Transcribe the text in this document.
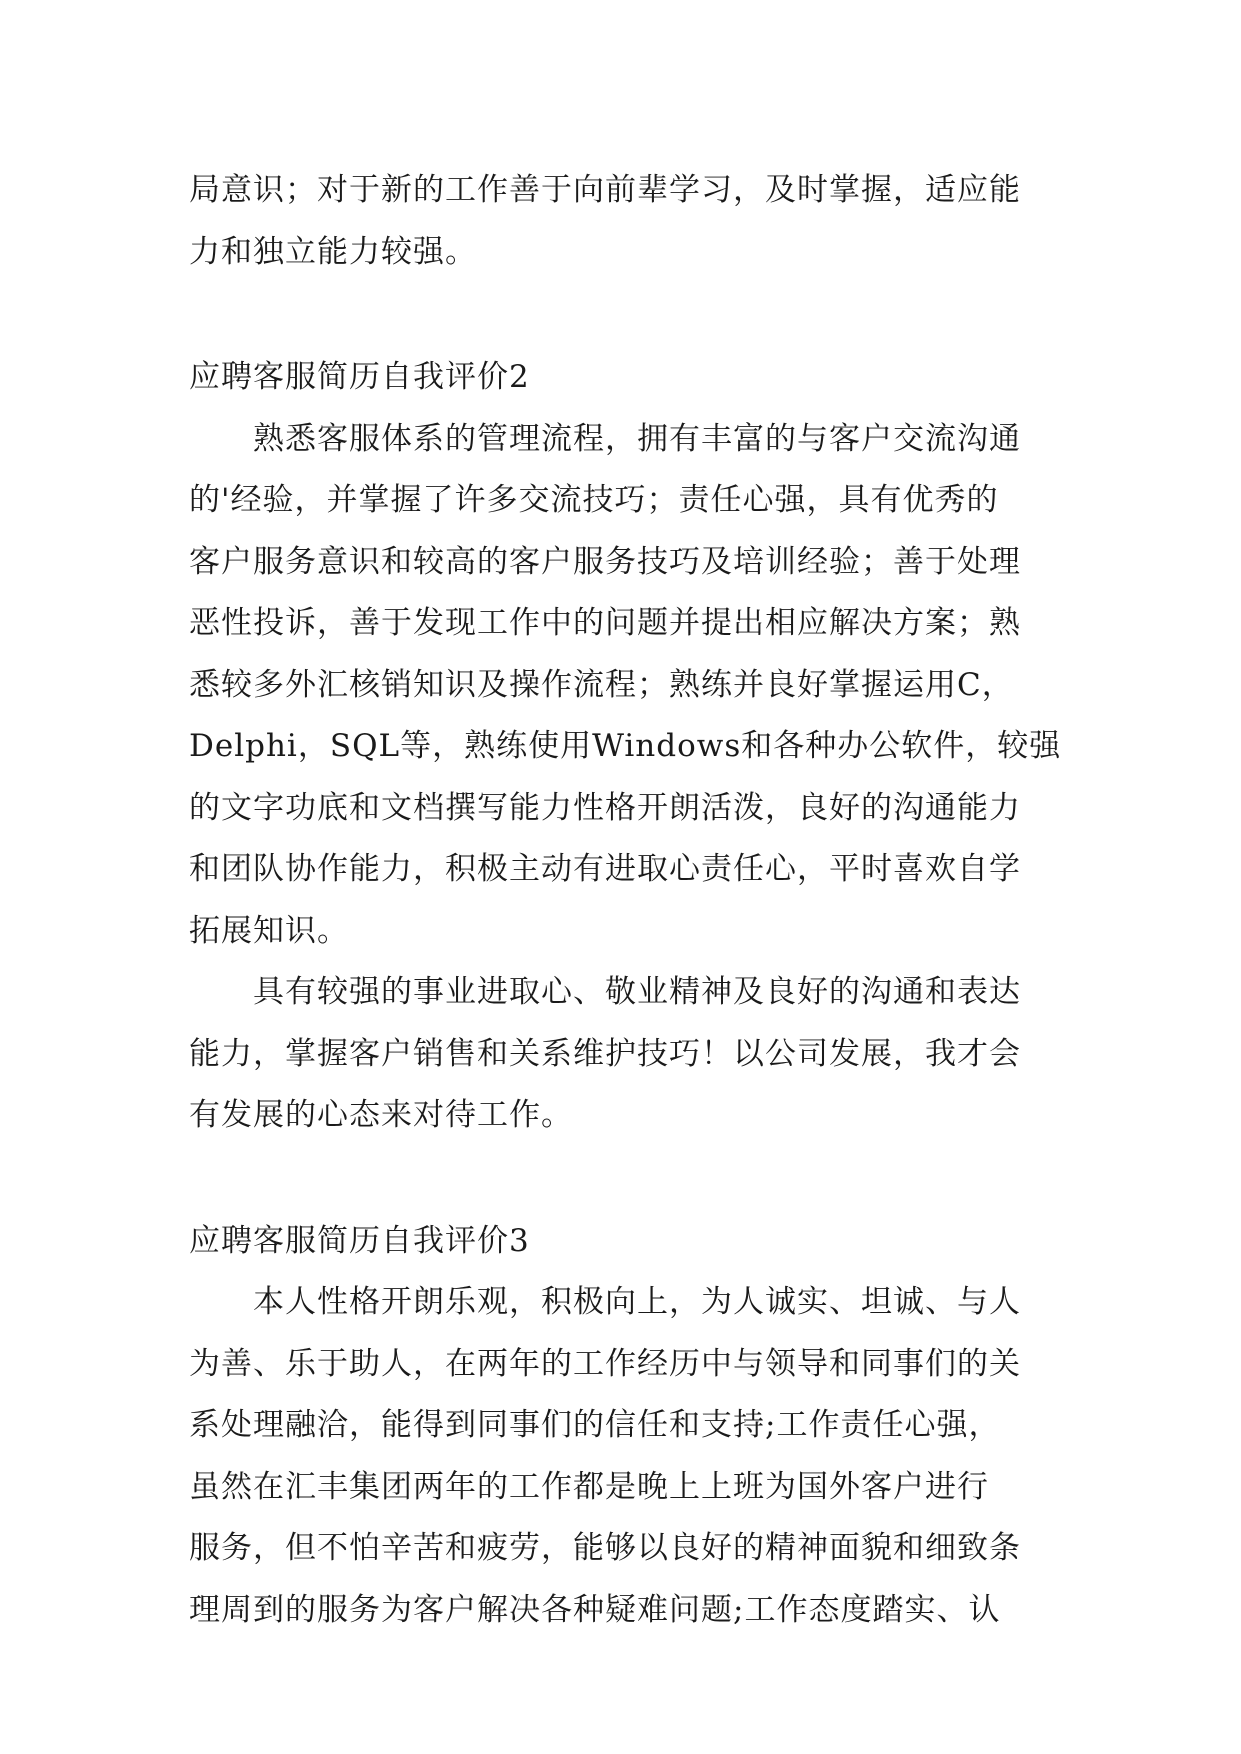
局意识；对于新的工作善于向前辈学习，及时掌握，适应能
力和独立能力较强。

应聘客服简历自我评价2

熟悉客服体系的管理流程，拥有丰富的与客户交流沟通
的'经验，并掌握了许多交流技巧；责任心强，具有优秀的
客户服务意识和较高的客户服务技巧及培训经验；善于处理
恶性投诉，善于发现工作中的问题并提出相应解决方案；熟
悉较多外汇核销知识及操作流程；熟练并良好掌握运用C，
Delphi，SQL等，熟练使用Windows和各种办公软件，较强
的文字功底和文档撰写能力性格开朗活泼，良好的沟通能力
和团队协作能力，积极主动有进取心责任心，平时喜欢自学
拓展知识。

具有较强的事业进取心、敬业精神及良好的沟通和表达
能力，掌握客户销售和关系维护技巧！以公司发展，我才会
有发展的心态来对待工作。

应聘客服简历自我评价3

本人性格开朗乐观，积极向上，为人诚实、坦诚、与人
为善、乐于助人，在两年的工作经历中与领导和同事们的关
系处理融洽，能得到同事们的信任和支持;工作责任心强，
虽然在汇丰集团两年的工作都是晚上上班为国外客户进行
服务，但不怕辛苦和疲劳，能够以良好的精神面貌和细致条
理周到的服务为客户解决各种疑难问题;工作态度踏实、认
